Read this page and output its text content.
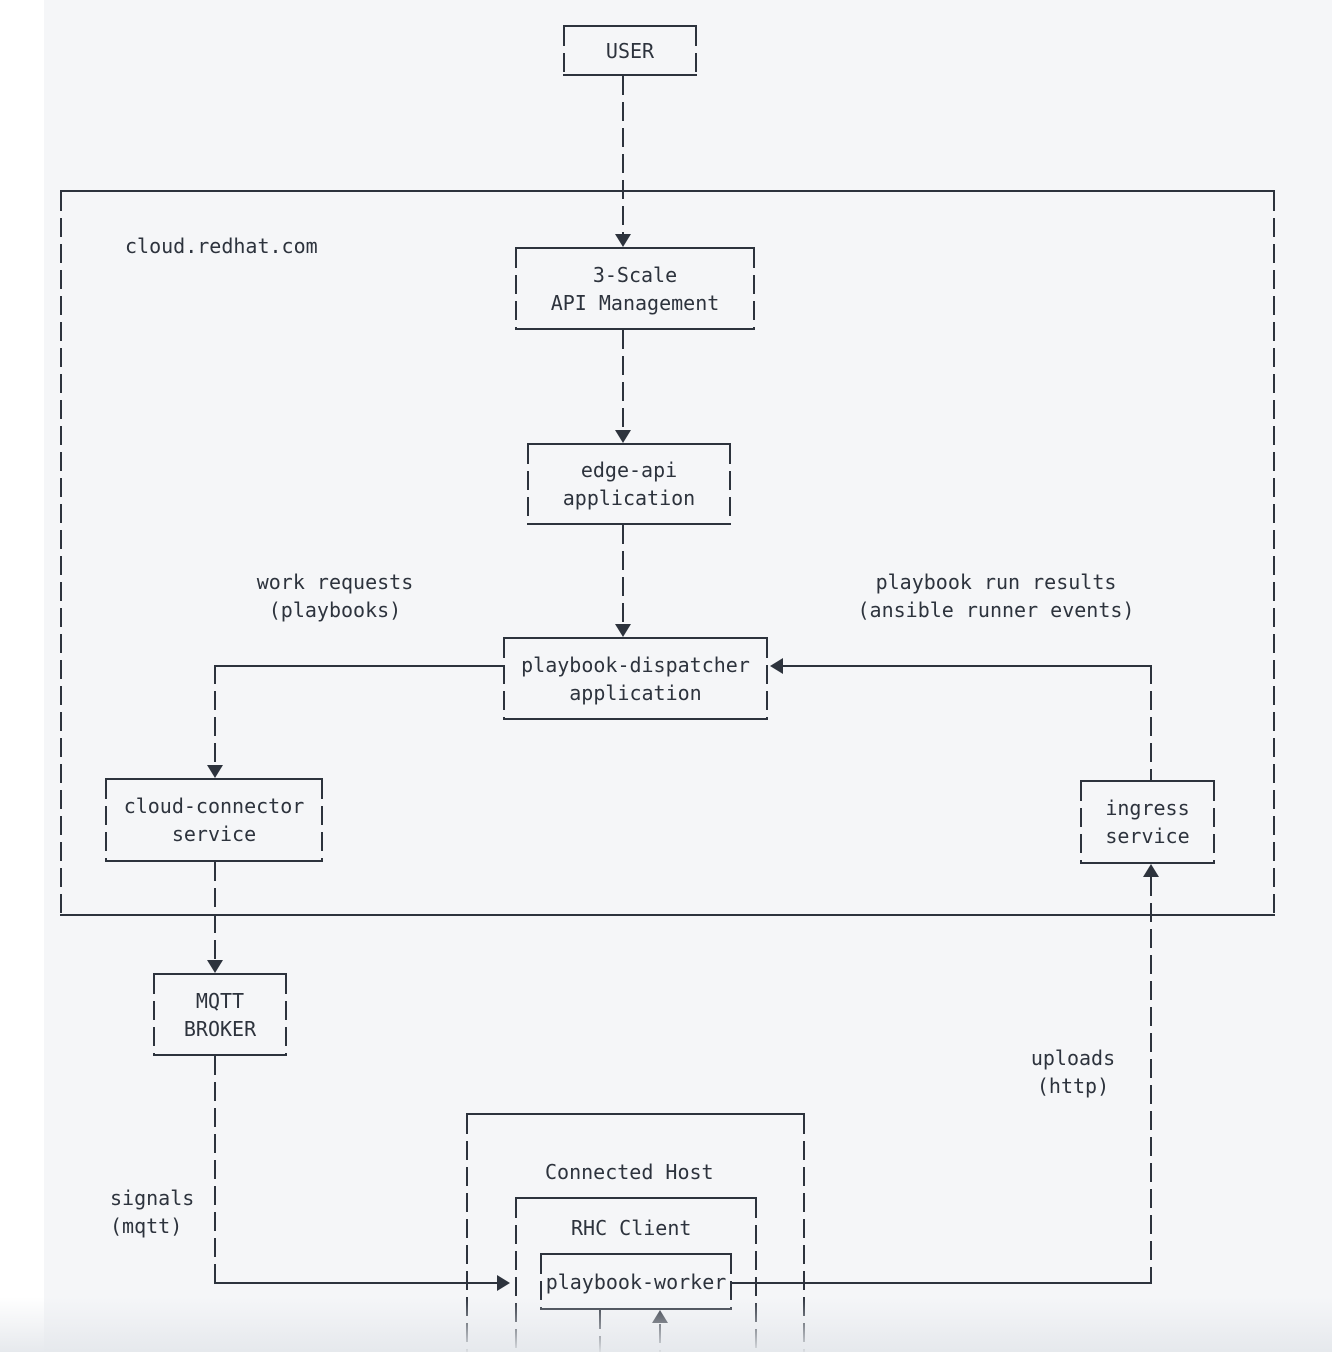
cloud.redhat.com
USER
3-Scale
API Management
edge-api
application
work requests
(playbooks)
playbook run results
(ansible runner events)
playbook-dispatcher
application
cloud-connector
service
ingress
service
MQTT
BROKER
uploads
(http)
signals
(mqtt)
Connected Host
RHC Client
playbook-worker
